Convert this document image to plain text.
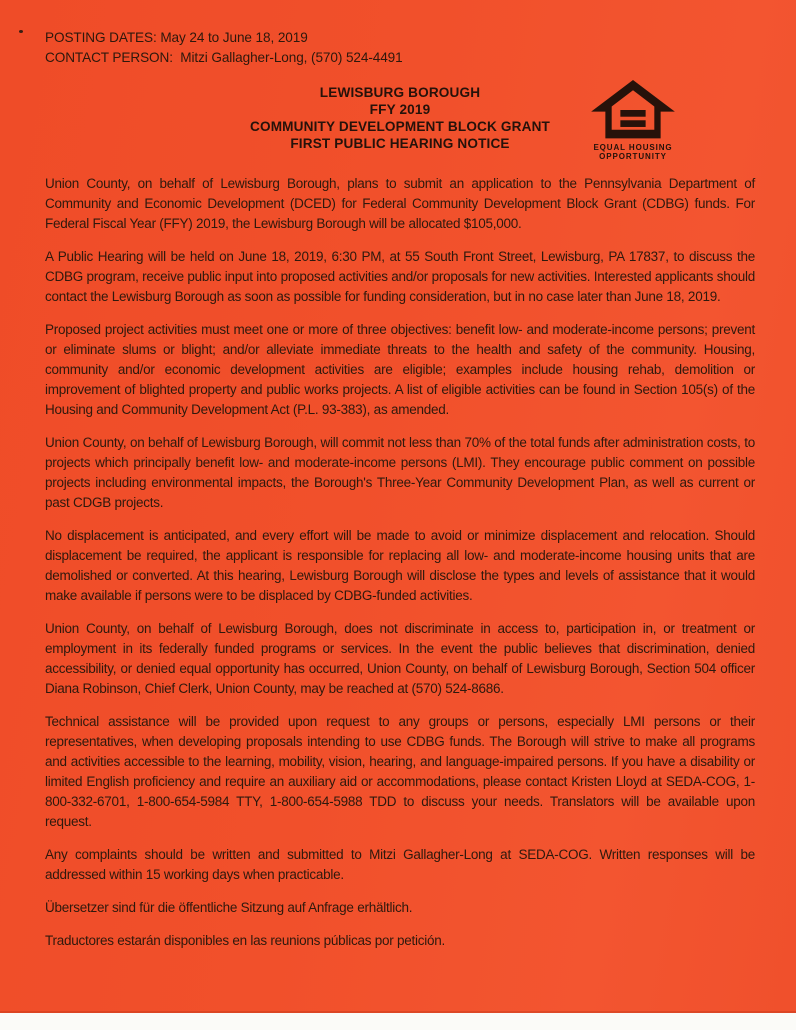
POSTING DATES: May 24 to June 18, 2019
CONTACT PERSON:  Mitzi Gallagher-Long, (570) 524-4491
LEWISBURG BOROUGH
FFY 2019
COMMUNITY DEVELOPMENT BLOCK GRANT
FIRST PUBLIC HEARING NOTICE	EQUAL HOUSING
OPPORTUNITY

Union County, on behalf of Lewisburg Borough, plans to submit an application to the Pennsylvania Department of Community and Economic Development (DCED) for Federal Community Development Block Grant (CDBG) funds. For Federal Fiscal Year (FFY) 2019, the Lewisburg Borough will be allocated $105,000.

A Public Hearing will be held on June 18, 2019, 6:30 PM, at 55 South Front Street, Lewisburg, PA 17837, to discuss the CDBG program, receive public input into proposed activities and/or proposals for new activities. Interested applicants should contact the Lewisburg Borough as soon as possible for funding consideration, but in no case later than June 18, 2019.

Proposed project activities must meet one or more of three objectives: benefit low- and moderate-income persons; prevent or eliminate slums or blight; and/or alleviate immediate threats to the health and safety of the community. Housing, community and/or economic development activities are eligible; examples include housing rehab, demolition or improvement of blighted property and public works projects. A list of eligible activities can be found in Section 105(s) of the Housing and Community Development Act (P.L. 93-383), as amended.

Union County, on behalf of Lewisburg Borough, will commit not less than 70% of the total funds after administration costs, to projects which principally benefit low- and moderate-income persons (LMI). They encourage public comment on possible projects including environmental impacts, the Borough's Three-Year Community Development Plan, as well as current or past CDGB projects.

No displacement is anticipated, and every effort will be made to avoid or minimize displacement and relocation. Should displacement be required, the applicant is responsible for replacing all low- and moderate-income housing units that are demolished or converted. At this hearing, Lewisburg Borough will disclose the types and levels of assistance that it would make available if persons were to be displaced by CDBG-funded activities.

Union County, on behalf of Lewisburg Borough, does not discriminate in access to, participation in, or treatment or employment in its federally funded programs or services. In the event the public believes that discrimination, denied accessibility, or denied equal opportunity has occurred, Union County, on behalf of Lewisburg Borough, Section 504 officer Diana Robinson, Chief Clerk, Union County, may be reached at (570) 524-8686.

Technical assistance will be provided upon request to any groups or persons, especially LMI persons or their representatives, when developing proposals intending to use CDBG funds. The Borough will strive to make all programs and activities accessible to the learning, mobility, vision, hearing, and language-impaired persons. If you have a disability or limited English proficiency and require an auxiliary aid or accommodations, please contact Kristen Lloyd at SEDA-COG, 1-800-332-6701, 1-800-654-5984 TTY, 1-800-654-5988 TDD to discuss your needs. Translators will be available upon request.

Any complaints should be written and submitted to Mitzi Gallagher-Long at SEDA-COG. Written responses will be addressed within 15 working days when practicable.

Übersetzer sind für die öffentliche Sitzung auf Anfrage erhältlich.

Traductores estarán disponibles en las reunions públicas por petición.
